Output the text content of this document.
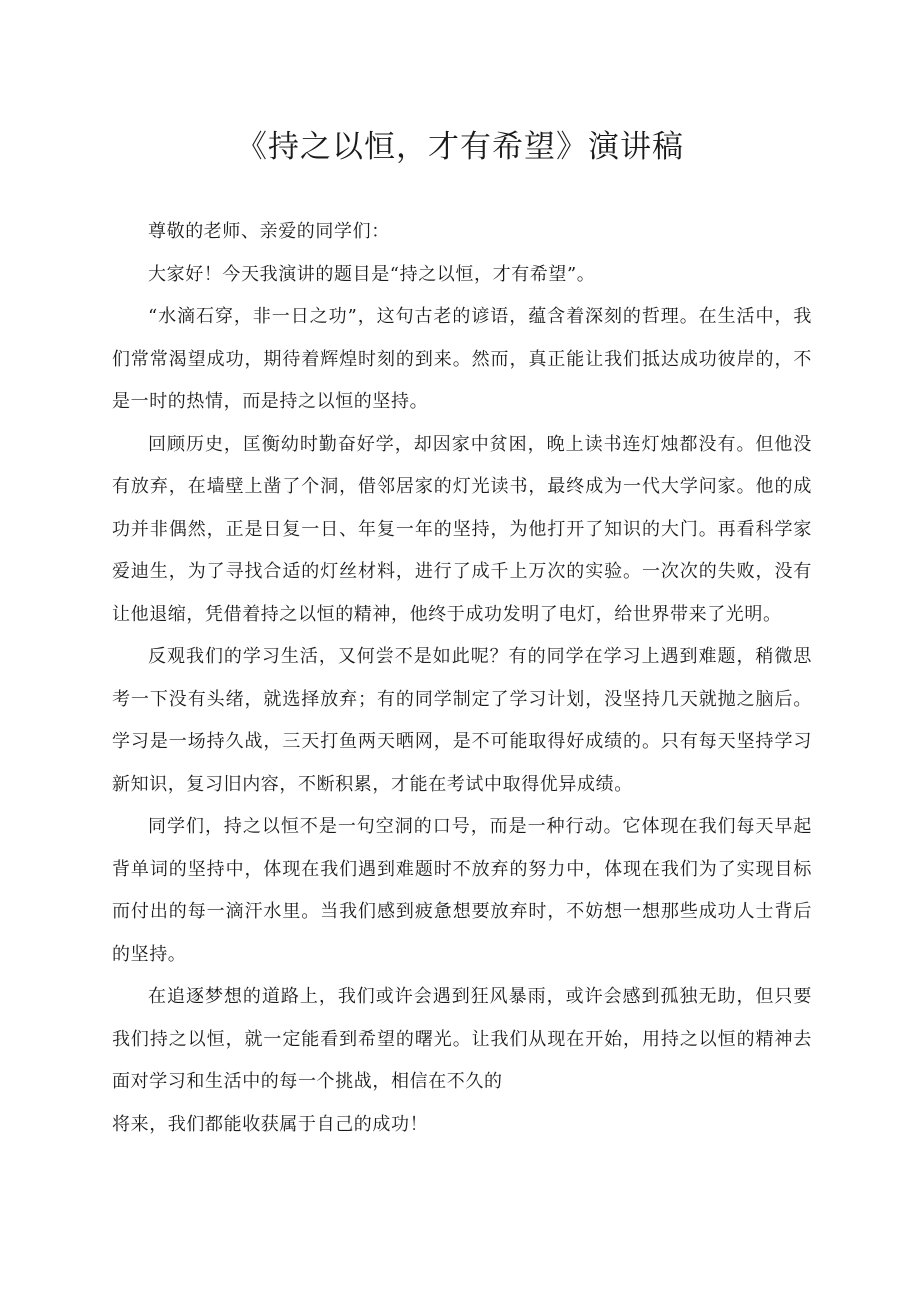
《持之以恒，才有希望》演讲稿

尊敬的老师、亲爱的同学们：

大家好！今天我演讲的题目是“持之以恒，才有希望”。

“水滴石穿，非一日之功”，这句古老的谚语，蕴含着深刻的哲理。在生活中，我们常常渴望成功，期待着辉煌时刻的到来。然而，真正能让我们抵达成功彼岸的，不是一时的热情，而是持之以恒的坚持。

回顾历史，匡衡幼时勤奋好学，却因家中贫困，晚上读书连灯烛都没有。但他没有放弃，在墙壁上凿了个洞，借邻居家的灯光读书，最终成为一代大学问家。他的成功并非偶然，正是日复一日、年复一年的坚持，为他打开了知识的大门。再看科学家爱迪生，为了寻找合适的灯丝材料，进行了成千上万次的实验。一次次的失败，没有让他退缩，凭借着持之以恒的精神，他终于成功发明了电灯，给世界带来了光明。

反观我们的学习生活，又何尝不是如此呢？有的同学在学习上遇到难题，稍微思考一下没有头绪，就选择放弃；有的同学制定了学习计划，没坚持几天就抛之脑后。学习是一场持久战，三天打鱼两天晒网，是不可能取得好成绩的。只有每天坚持学习新知识，复习旧内容，不断积累，才能在考试中取得优异成绩。

同学们，持之以恒不是一句空洞的口号，而是一种行动。它体现在我们每天早起背单词的坚持中，体现在我们遇到难题时不放弃的努力中，体现在我们为了实现目标而付出的每一滴汗水里。当我们感到疲惫想要放弃时，不妨想一想那些成功人士背后的坚持。

在追逐梦想的道路上，我们或许会遇到狂风暴雨，或许会感到孤独无助，但只要我们持之以恒，就一定能看到希望的曙光。让我们从现在开始，用持之以恒的精神去面对学习和生活中的每一个挑战，相信在不久的

将来，我们都能收获属于自己的成功！
